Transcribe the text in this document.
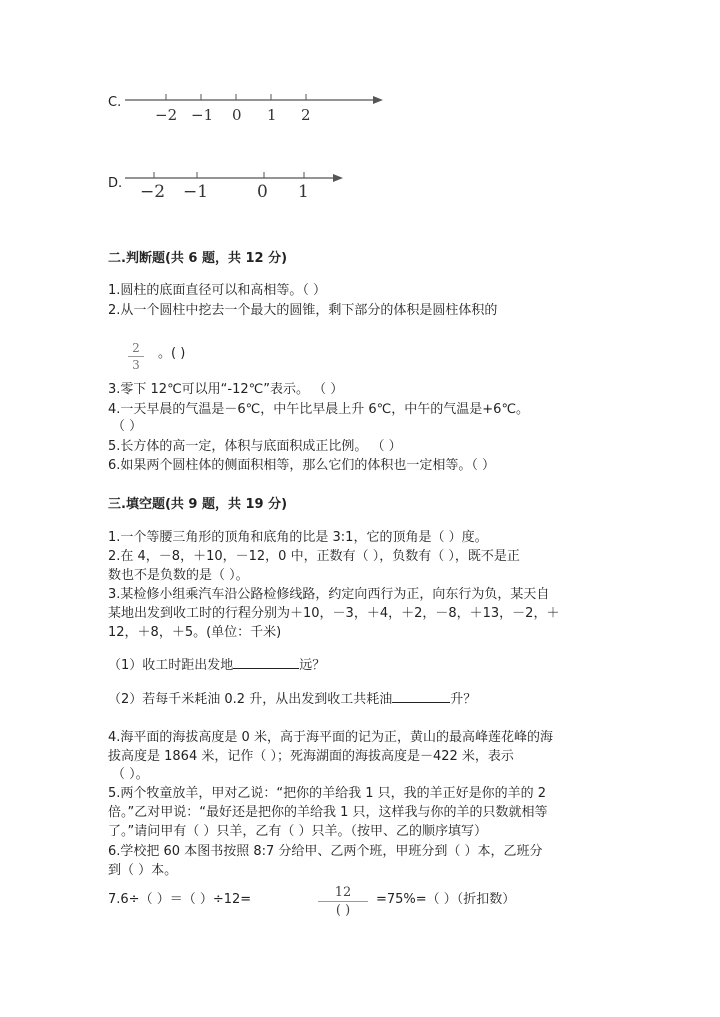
C.
−2 −1 0 1 2
D. −2 −1	0 1
二.判断题(共 6 题，共 12 分)
1.圆柱的底面直径可以和高相等。（ ）
2.从一个圆柱中挖去一个最大的圆锥，剩下部分的体积是圆柱体积的
2
3
。( )
3.零下 12℃可以用“-12℃”表示。 （ ）
4.一天早晨的气温是－6℃，中午比早晨上升 6℃，中午的气温是+6℃。
（ ）
5.长方体的高一定，体积与底面积成正比例。 （ ）
6.如果两个圆柱体的侧面积相等，那么它们的体积也一定相等。（ ）
三.填空题(共 9 题，共 19 分)
1.一个等腰三角形的顶角和底角的比是 3:1，它的顶角是（ ）度。
2.在 4，－8，＋10，－12，0 中，正数有（ ），负数有（ ），既不是正
数也不是负数的是（ ）。
3.某检修小组乘汽车沿公路检修线路，约定向西行为正，向东行为负，某天自
某地出发到收工时的行程分别为＋10，－3，＋4，＋2，－8，＋13，－2，＋
12，＋8，＋5。(单位：千米)
（1）收工时距出发地	远？
（2）若每千米耗油 0.2 升，从出发到收工共耗油	升？
4.海平面的海拔高度是 0 米，高于海平面的记为正，黄山的最高峰莲花峰的海
拔高度是 1864 米，记作（ ）；死海湖面的海拔高度是－422 米，表示
（ ）。
5.两个牧童放羊，甲对乙说：“把你的羊给我 1 只，我的羊正好是你的羊的 2
倍。”乙对甲说：“最好还是把你的羊给我 1 只，这样我与你的羊的只数就相等
了。”请问甲有（ ）只羊，乙有（ ）只羊。（按甲、乙的顺序填写）
6.学校把 60 本图书按照 8:7 分给甲、乙两个班，甲班分到（ ）本，乙班分
到（ ）本。
7.6÷（ ）＝（ ）÷12=	12
( )
=75%=（ ）（折扣数）
